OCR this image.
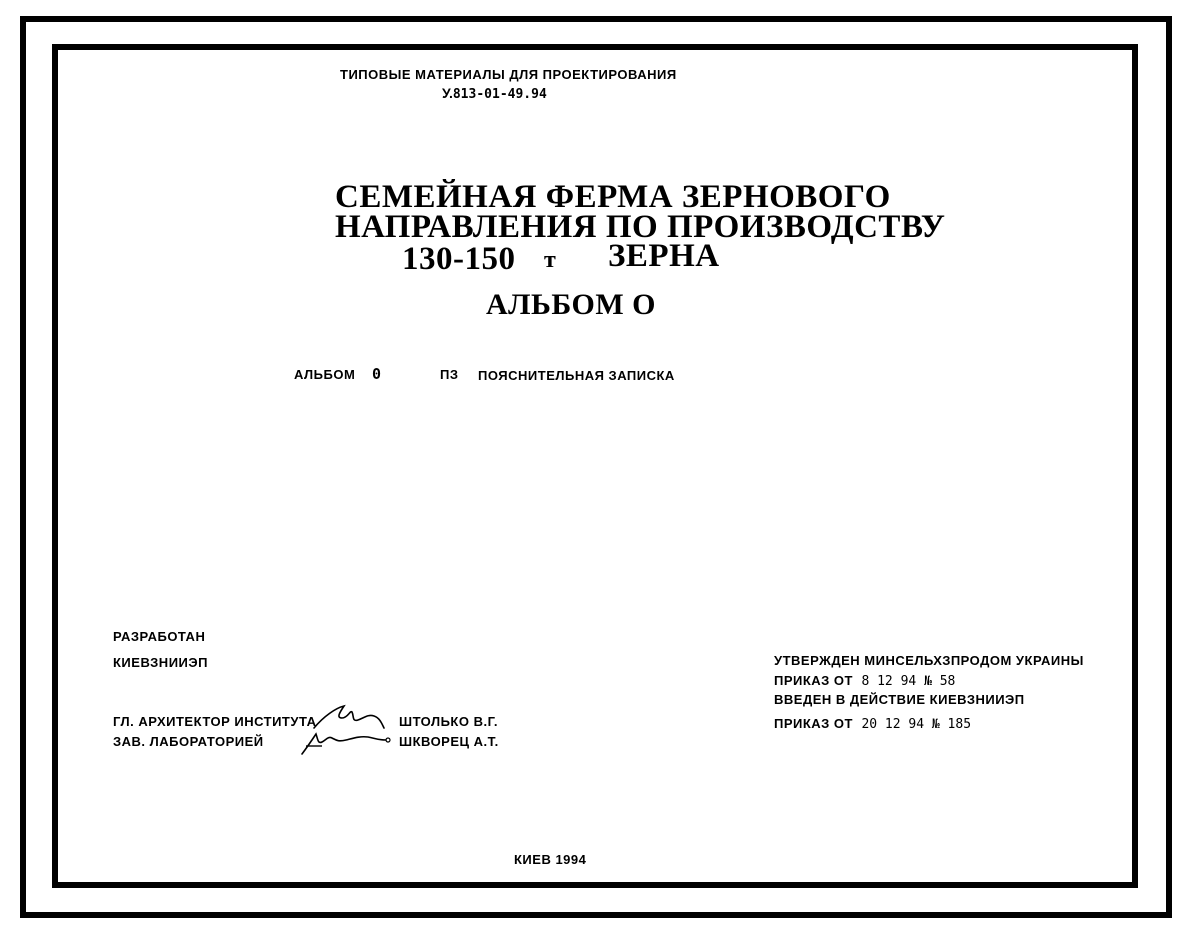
ТИПОВЫЕ МАТЕРИАЛЫ ДЛЯ ПРОЕКТИРОВАНИЯ
У.813-01-49.94
СЕМЕЙНАЯ ФЕРМА ЗЕРНОВОГО
НАПРАВЛЕНИЯ ПО ПРОИЗВОДСТВУ
130-150 т ЗЕРНА
АЛЬБОМ О
АЛЬБОМ 0	ПЗ ПОЯСНИТЕЛЬНАЯ ЗАПИСКА
РАЗРАБОТАН
КИЕВЗНИИЭП
ГЛ. АРХИТЕКТОР ИНСТИТУТА
ЗАВ. ЛАБОРАТОРИЕЙ
ШТОЛЬКО В.Г.
ШКВОРЕЦ А.Т.
УТВЕРЖДЕН МИНСЕЛЬХЗПРОДОМ УКРАИНЫ
ПРИКАЗ ОТ 8 12 94 № 58
ВВЕДЕН В ДЕЙСТВИЕ КИЕВЗНИИЭП
ПРИКАЗ ОТ 20 12 94 № 185
КИЕВ 1994
